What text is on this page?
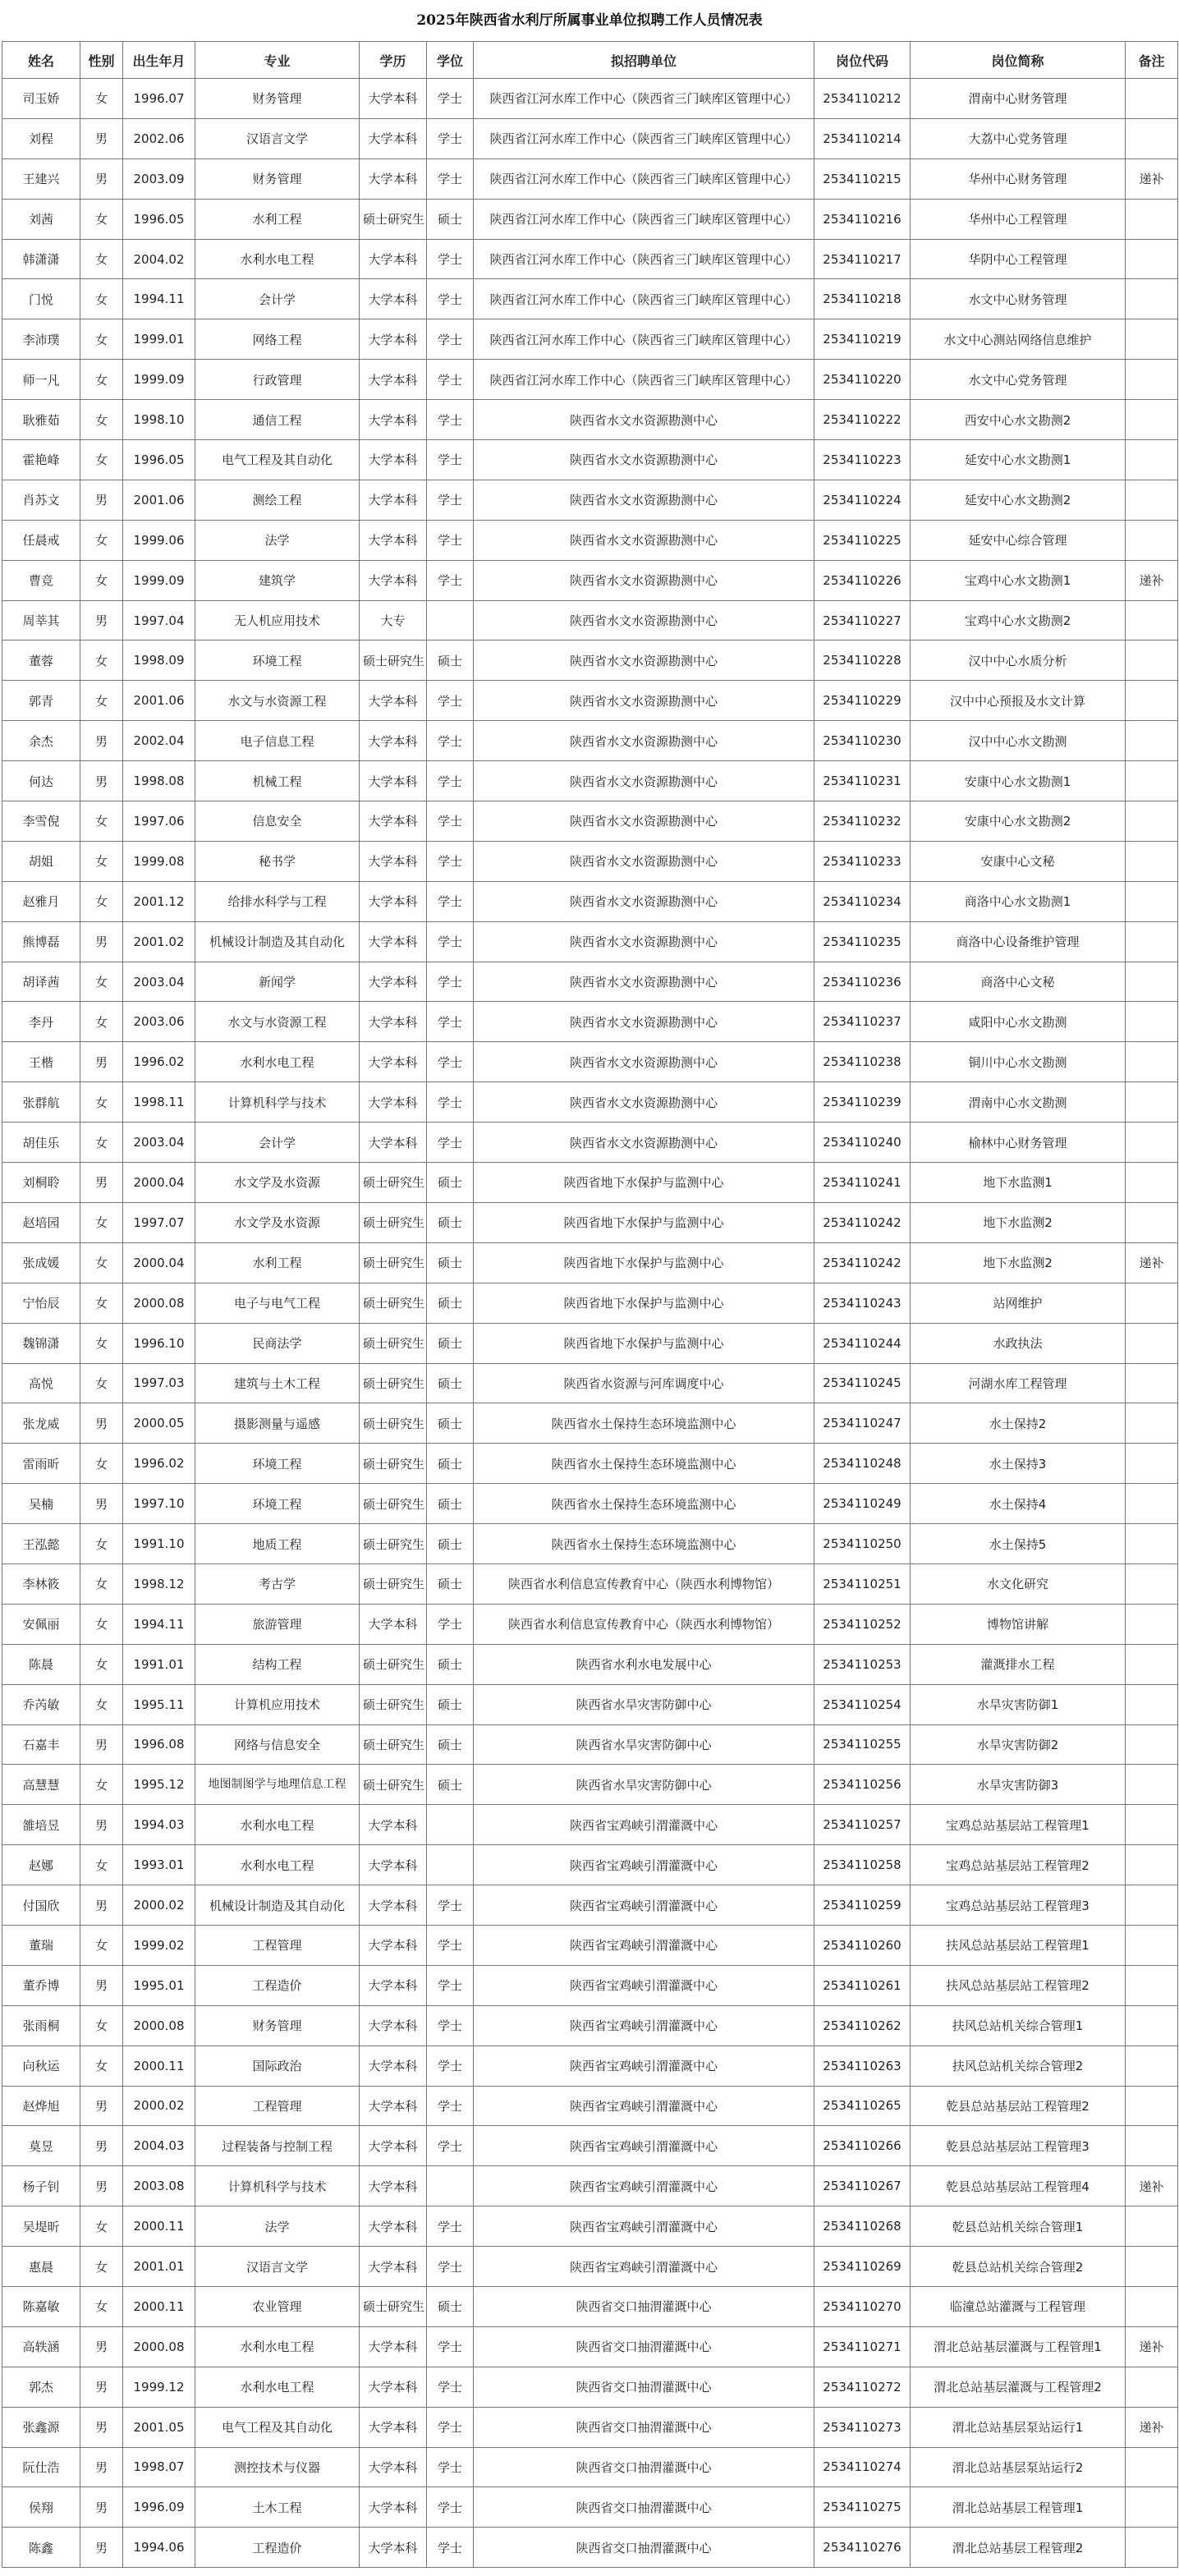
2025年陕西省水利厅所属事业单位拟聘工作人员情况表
姓名	性别	出生年月	专业	学历	学位	拟招聘单位	岗位代码	岗位简称	备注
司玉娇	女	1996.07	财务管理	大学本科	学士	陕西省江河水库工作中心（陕西省三门峡库区管理中心）	2534110212	渭南中心财务管理	
刘程	男	2002.06	汉语言文学	大学本科	学士	陕西省江河水库工作中心（陕西省三门峡库区管理中心）	2534110214	大荔中心党务管理	
王建兴	男	2003.09	财务管理	大学本科	学士	陕西省江河水库工作中心（陕西省三门峡库区管理中心）	2534110215	华州中心财务管理	递补
刘茜	女	1996.05	水利工程	硕士研究生	硕士	陕西省江河水库工作中心（陕西省三门峡库区管理中心）	2534110216	华州中心工程管理	
韩潇潇	女	2004.02	水利水电工程	大学本科	学士	陕西省江河水库工作中心（陕西省三门峡库区管理中心）	2534110217	华阴中心工程管理	
门悦	女	1994.11	会计学	大学本科	学士	陕西省江河水库工作中心（陕西省三门峡库区管理中心）	2534110218	水文中心财务管理	
李沛璞	女	1999.01	网络工程	大学本科	学士	陕西省江河水库工作中心（陕西省三门峡库区管理中心）	2534110219	水文中心测站网络信息维护	
师一凡	女	1999.09	行政管理	大学本科	学士	陕西省江河水库工作中心（陕西省三门峡库区管理中心）	2534110220	水文中心党务管理	
耿雅茹	女	1998.10	通信工程	大学本科	学士	陕西省水文水资源勘测中心	2534110222	西安中心水文勘测2	
霍艳峰	女	1996.05	电气工程及其自动化	大学本科	学士	陕西省水文水资源勘测中心	2534110223	延安中心水文勘测1	
肖苏文	男	2001.06	测绘工程	大学本科	学士	陕西省水文水资源勘测中心	2534110224	延安中心水文勘测2	
任晨戒	女	1999.06	法学	大学本科	学士	陕西省水文水资源勘测中心	2534110225	延安中心综合管理	
曹竞	女	1999.09	建筑学	大学本科	学士	陕西省水文水资源勘测中心	2534110226	宝鸡中心水文勘测1	递补
周莘其	男	1997.04	无人机应用技术	大专		陕西省水文水资源勘测中心	2534110227	宝鸡中心水文勘测2	
董蓉	女	1998.09	环境工程	硕士研究生	硕士	陕西省水文水资源勘测中心	2534110228	汉中中心水质分析	
郭青	女	2001.06	水文与水资源工程	大学本科	学士	陕西省水文水资源勘测中心	2534110229	汉中中心预报及水文计算	
余杰	男	2002.04	电子信息工程	大学本科	学士	陕西省水文水资源勘测中心	2534110230	汉中中心水文勘测	
何达	男	1998.08	机械工程	大学本科	学士	陕西省水文水资源勘测中心	2534110231	安康中心水文勘测1	
李雪倪	女	1997.06	信息安全	大学本科	学士	陕西省水文水资源勘测中心	2534110232	安康中心水文勘测2	
胡姐	女	1999.08	秘书学	大学本科	学士	陕西省水文水资源勘测中心	2534110233	安康中心文秘	
赵雅月	女	2001.12	给排水科学与工程	大学本科	学士	陕西省水文水资源勘测中心	2534110234	商洛中心水文勘测1	
熊博磊	男	2001.02	机械设计制造及其自动化	大学本科	学士	陕西省水文水资源勘测中心	2534110235	商洛中心设备维护管理	
胡译茜	女	2003.04	新闻学	大学本科	学士	陕西省水文水资源勘测中心	2534110236	商洛中心文秘	
李丹	女	2003.06	水文与水资源工程	大学本科	学士	陕西省水文水资源勘测中心	2534110237	咸阳中心水文勘测	
王楷	男	1996.02	水利水电工程	大学本科	学士	陕西省水文水资源勘测中心	2534110238	铜川中心水文勘测	
张群航	女	1998.11	计算机科学与技术	大学本科	学士	陕西省水文水资源勘测中心	2534110239	渭南中心水文勘测	
胡佳乐	女	2003.04	会计学	大学本科	学士	陕西省水文水资源勘测中心	2534110240	榆林中心财务管理	
刘桐聆	男	2000.04	水文学及水资源	硕士研究生	硕士	陕西省地下水保护与监测中心	2534110241	地下水监测1	
赵培园	女	1997.07	水文学及水资源	硕士研究生	硕士	陕西省地下水保护与监测中心	2534110242	地下水监测2	
张成媛	女	2000.04	水利工程	硕士研究生	硕士	陕西省地下水保护与监测中心	2534110242	地下水监测2	递补
宁怡辰	女	2000.08	电子与电气工程	硕士研究生	硕士	陕西省地下水保护与监测中心	2534110243	站网维护	
魏锦潇	女	1996.10	民商法学	硕士研究生	硕士	陕西省地下水保护与监测中心	2534110244	水政执法	
高悦	女	1997.03	建筑与土木工程	硕士研究生	硕士	陕西省水资源与河库调度中心	2534110245	河湖水库工程管理	
张龙威	男	2000.05	摄影测量与遥感	硕士研究生	硕士	陕西省水土保持生态环境监测中心	2534110247	水土保持2	
雷雨昕	女	1996.02	环境工程	硕士研究生	硕士	陕西省水土保持生态环境监测中心	2534110248	水土保持3	
吴楠	男	1997.10	环境工程	硕士研究生	硕士	陕西省水土保持生态环境监测中心	2534110249	水土保持4	
王泓懿	女	1991.10	地质工程	硕士研究生	硕士	陕西省水土保持生态环境监测中心	2534110250	水土保持5	
李林筱	女	1998.12	考古学	硕士研究生	硕士	陕西省水利信息宣传教育中心（陕西水利博物馆）	2534110251	水文化研究	
安佩丽	女	1994.11	旅游管理	大学本科	学士	陕西省水利信息宣传教育中心（陕西水利博物馆）	2534110252	博物馆讲解	
陈晨	女	1991.01	结构工程	硕士研究生	硕士	陕西省水利水电发展中心	2534110253	灌溉排水工程	
乔芮敏	女	1995.11	计算机应用技术	硕士研究生	硕士	陕西省水旱灾害防御中心	2534110254	水旱灾害防御1	
石嘉丰	男	1996.08	网络与信息安全	硕士研究生	硕士	陕西省水旱灾害防御中心	2534110255	水旱灾害防御2	
高慧慧	女	1995.12	地图制图学与地理信息工程	硕士研究生	硕士	陕西省水旱灾害防御中心	2534110256	水旱灾害防御3	
雒培昱	男	1994.03	水利水电工程	大学本科		陕西省宝鸡峡引渭灌溉中心	2534110257	宝鸡总站基层站工程管理1	
赵娜	女	1993.01	水利水电工程	大学本科		陕西省宝鸡峡引渭灌溉中心	2534110258	宝鸡总站基层站工程管理2	
付国欣	男	2000.02	机械设计制造及其自动化	大学本科	学士	陕西省宝鸡峡引渭灌溉中心	2534110259	宝鸡总站基层站工程管理3	
董瑞	女	1999.02	工程管理	大学本科	学士	陕西省宝鸡峡引渭灌溉中心	2534110260	扶风总站基层站工程管理1	
董乔博	男	1995.01	工程造价	大学本科	学士	陕西省宝鸡峡引渭灌溉中心	2534110261	扶风总站基层站工程管理2	
张雨桐	女	2000.08	财务管理	大学本科	学士	陕西省宝鸡峡引渭灌溉中心	2534110262	扶风总站机关综合管理1	
向秋运	女	2000.11	国际政治	大学本科	学士	陕西省宝鸡峡引渭灌溉中心	2534110263	扶风总站机关综合管理2	
赵烨旭	男	2000.02	工程管理	大学本科	学士	陕西省宝鸡峡引渭灌溉中心	2534110265	乾县总站基层站工程管理2	
莫昱	男	2004.03	过程装备与控制工程	大学本科	学士	陕西省宝鸡峡引渭灌溉中心	2534110266	乾县总站基层站工程管理3	
杨子钊	男	2003.08	计算机科学与技术	大学本科		陕西省宝鸡峡引渭灌溉中心	2534110267	乾县总站基层站工程管理4	递补
吴堤昕	女	2000.11	法学	大学本科	学士	陕西省宝鸡峡引渭灌溉中心	2534110268	乾县总站机关综合管理1	
惠晨	女	2001.01	汉语言文学	大学本科	学士	陕西省宝鸡峡引渭灌溉中心	2534110269	乾县总站机关综合管理2	
陈嘉敏	女	2000.11	农业管理	硕士研究生	硕士	陕西省交口抽渭灌溉中心	2534110270	临潼总站灌溉与工程管理	
高轶涵	男	2000.08	水利水电工程	大学本科	学士	陕西省交口抽渭灌溉中心	2534110271	渭北总站基层灌溉与工程管理1	递补
郭杰	男	1999.12	水利水电工程	大学本科	学士	陕西省交口抽渭灌溉中心	2534110272	渭北总站基层灌溉与工程管理2	
张鑫源	男	2001.05	电气工程及其自动化	大学本科	学士	陕西省交口抽渭灌溉中心	2534110273	渭北总站基层泵站运行1	递补
阮仕浩	男	1998.07	测控技术与仪器	大学本科	学士	陕西省交口抽渭灌溉中心	2534110274	渭北总站基层泵站运行2	
侯翔	男	1996.09	土木工程	大学本科	学士	陕西省交口抽渭灌溉中心	2534110275	渭北总站基层工程管理1	
陈鑫	男	1994.06	工程造价	大学本科	学士	陕西省交口抽渭灌溉中心	2534110276	渭北总站基层工程管理2	
